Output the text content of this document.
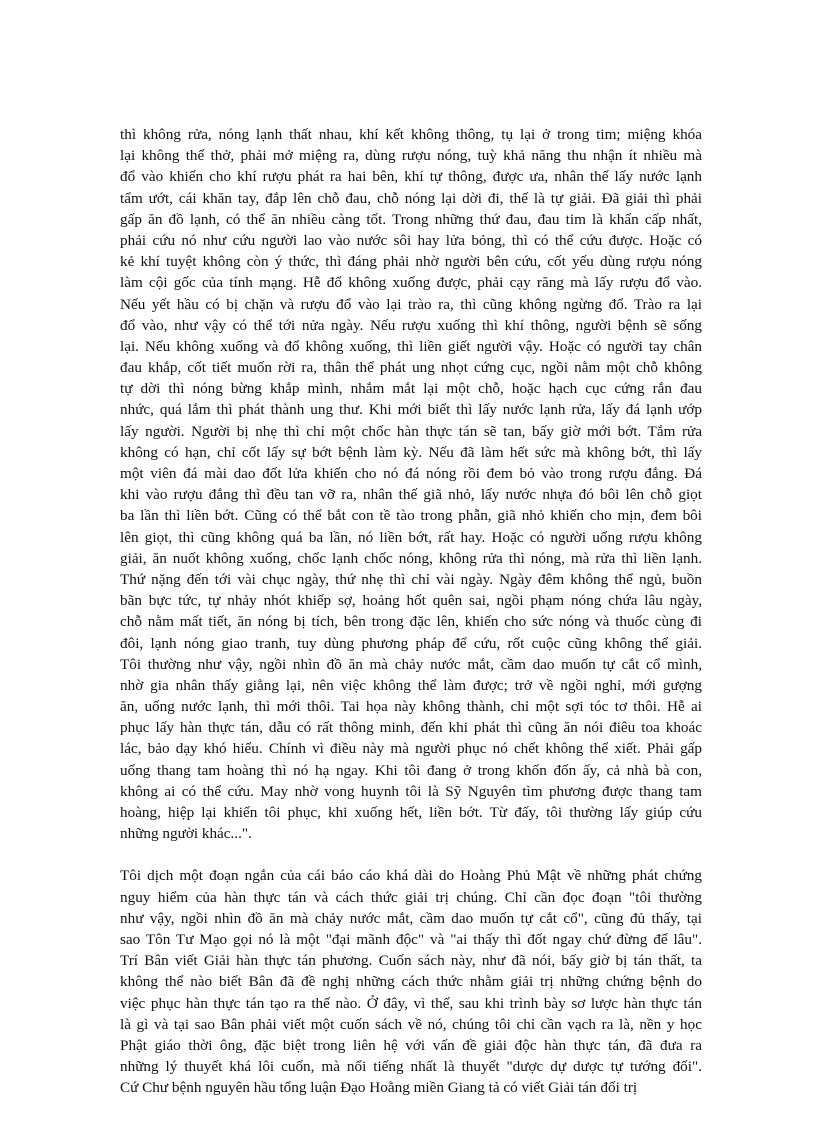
thì không rửa, nóng lạnh thất nhau, khí kết không thông, tụ lại ở trong tim; miệng khóa
lại không thể thở, phải mở miệng ra, dùng rượu nóng, tuỳ khả năng thu nhận ít nhiều mà
đổ vào khiến cho khí rượu phát ra hai bên, khí tự thông, được ưa, nhân thế lấy nước lạnh
tẩm ướt, cái khăn tay, đắp lên chỗ đau, chỗ nóng lại dời đi, thế là tự giải. Đã giải thì phải
gấp ăn đồ lạnh, có thể ăn nhiều càng tốt. Trong những thứ đau, đau tim là khẩn cấp nhất,
phải cứu nó như cứu người lao vào nước sôi hay lửa bỏng, thì có thể cứu được. Hoặc có
kẻ khí tuyệt không còn ý thức, thì đáng phải nhờ người bên cứu, cốt yếu dùng rượu nóng
làm cội gốc của tính mạng. Hễ đổ không xuống được, phải cạy răng mà lấy rượu đổ vào.
Nếu yết hầu có bị chặn và rượu đổ vào lại trào ra, thì cũng không ngừng đổ. Trào ra lại
đổ vào, như vậy có thể tới nửa ngày. Nếu rượu xuống thì khí thông, người bệnh sẽ sống
lại. Nếu không xuống và đổ không xuống, thì liền giết người vậy. Hoặc có người tay chân
đau khắp, cốt tiết muốn rời ra, thân thể phát ung nhọt cứng cục, ngồi nằm một chỗ không
tự dời thì nóng bừng khắp mình, nhắm mắt lại một chỗ, hoặc hạch cục cứng rắn đau
nhức, quá lắm thì phát thành ung thư. Khi mới biết thì lấy nước lạnh rửa, lấy đá lạnh ướp
lấy người. Người bị nhẹ thì chỉ một chốc hàn thực tán sẽ tan, bấy giờ mới bớt. Tắm rửa
không có hạn, chỉ cốt lấy sự bớt bệnh làm kỳ. Nếu đã làm hết sức mà không bớt, thì lấy
một viên đá mài dao đốt lửa khiến cho nó đá nóng rồi đem bỏ vào trong rượu đắng. Đá
khi vào rượu đắng thì đều tan vỡ ra, nhân thế giã nhỏ, lấy nước nhựa đó bôi lên chỗ giọt
ba lần thì liền bớt. Cũng có thể bắt con tề tào trong phẫn, giã nhỏ khiến cho mịn, đem bôi
lên giọt, thì cũng không quá ba lần, nó liền bớt, rất hay. Hoặc có người uống rượu không
giải, ăn nuốt không xuống, chốc lạnh chốc nóng, không rửa thì nóng, mà rửa thì liền lạnh.
Thứ nặng đến tới vài chục ngày, thứ nhẹ thì chỉ vài ngày. Ngày đêm không thể ngủ, buồn
bãn bực tức, tự nhảy nhót khiếp sợ, hoảng hốt quên sai, ngồi phạm nóng chứa lâu ngày,
chỗ nằm mất tiết, ăn nóng bị tích, bên trong đặc lên, khiến cho sức nóng và thuốc cùng đi
đôi, lạnh nóng giao tranh, tuy dùng phương pháp để cứu, rốt cuộc cũng không thể giải.
Tôi thường như vậy, ngồi nhìn đồ ăn mà chảy nước mắt, cầm dao muốn tự cắt cổ mình,
nhờ gia nhân thấy giằng lại, nên việc không thể làm được; trở về ngồi nghỉ, mới gượng
ăn, uống nước lạnh, thì mới thôi. Tai họa này không thành, chỉ một sợi tóc tơ thôi. Hễ ai
phục lấy hàn thực tán, dẫu có rất thông minh, đến khi phát thì cũng ăn nói điêu toa khoác
lác, bảo dạy khó hiểu. Chính vì điều này mà người phục nó chết không thể xiết. Phải gấp
uống thang tam hoàng thì nó hạ ngay. Khi tôi đang ở trong khốn đốn ấy, cả nhà bà con,
không ai có thể cứu. May nhờ vong huynh tôi là Sỹ Nguyên tìm phương được thang tam
hoàng, hiệp lại khiến tôi phục, khi xuống hết, liền bớt. Từ đấy, tôi thường lấy giúp cứu
những người khác...".
Tôi dịch một đoạn ngắn của cái báo cáo khá dài do Hoàng Phủ Mật về những phát chứng
nguy hiểm của hàn thực tán và cách thức giải trị chúng. Chỉ cần đọc đoạn "tôi thường
như vậy, ngồi nhìn đồ ăn mà chảy nước mắt, cầm dao muốn tự cắt cổ", cũng đủ thấy, tại
sao Tôn Tư Mạo gọi nó là một "đại mãnh độc" và "ai thấy thì đốt ngay chứ đừng để lâu".
Trí Bân viết Giải hàn thực tán phương. Cuốn sách này, như đã nói, bấy giờ bị tán thất, ta
không thể nào biết Bân đã đề nghị những cách thức nhằm giải trị những chứng bệnh do
việc phục hàn thực tán tạo ra thế nào. Ở đây, vì thế, sau khi trình bày sơ lược hàn thực tán
là gì và tại sao Bân phải viết một cuốn sách về nó, chúng tôi chỉ cần vạch ra là, nền y học
Phật giáo thời ông, đặc biệt trong liên hệ với vấn đề giải độc hàn thực tán, đã đưa ra
những lý thuyết khá lôi cuốn, mà nổi tiếng nhất là thuyết "dược dự dược tự tướng đối".
Cứ Chư bệnh nguyên hầu tổng luận Đạo Hoằng miền Giang tả có viết Giải tán đối trị
